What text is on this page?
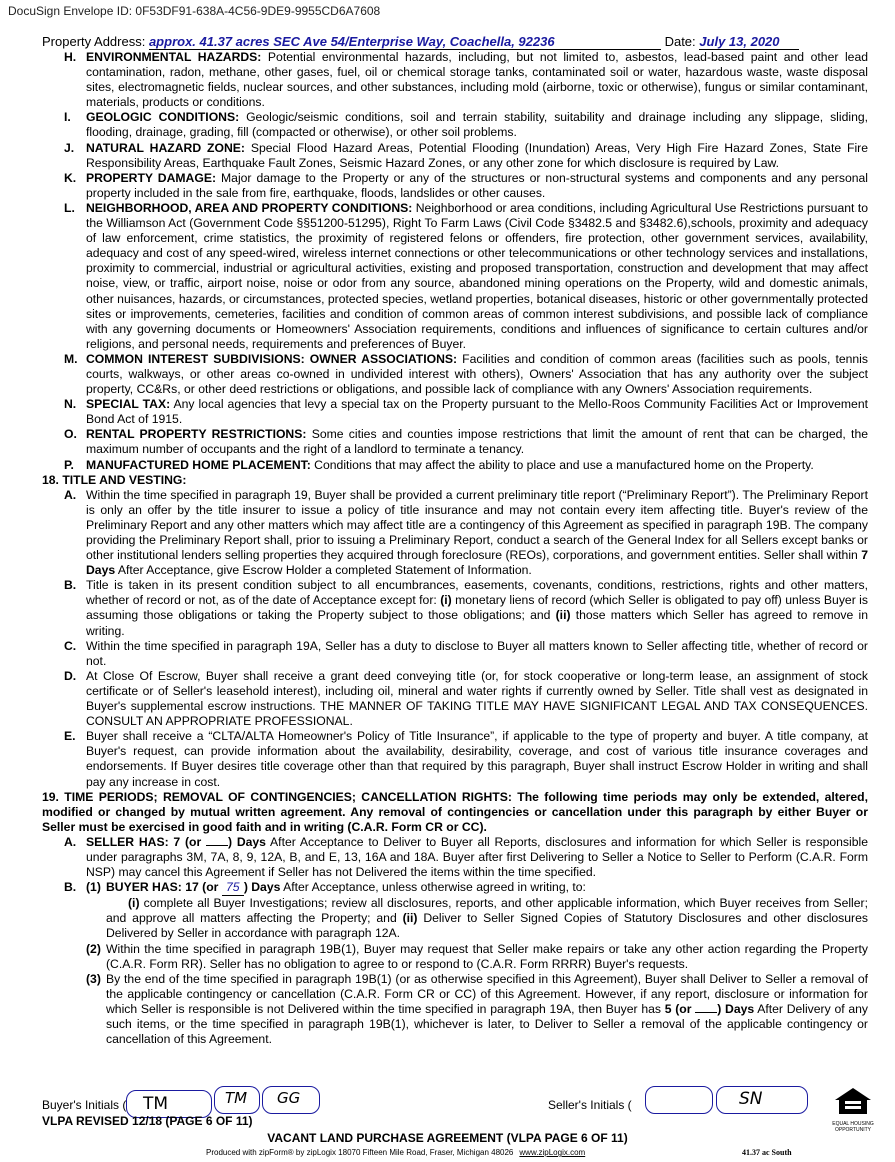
DocuSign Envelope ID: 0F53DF91-638A-4C56-9DE9-9955CD6A7608
Property Address: approx. 41.37 acres SEC Ave 54/Enterprise Way, Coachella, 92236	Date: July 13, 2020
H. ENVIRONMENTAL HAZARDS: Potential environmental hazards, including, but not limited to, asbestos, lead-based paint and other lead contamination, radon, methane, other gases, fuel, oil or chemical storage tanks, contaminated soil or water, hazardous waste, waste disposal sites, electromagnetic fields, nuclear sources, and other substances, including mold (airborne, toxic or otherwise), fungus or similar contaminant, materials, products or conditions.
I. GEOLOGIC CONDITIONS: Geologic/seismic conditions, soil and terrain stability, suitability and drainage including any slippage, sliding, flooding, drainage, grading, fill (compacted or otherwise), or other soil problems.
J. NATURAL HAZARD ZONE: Special Flood Hazard Areas, Potential Flooding (Inundation) Areas, Very High Fire Hazard Zones, State Fire Responsibility Areas, Earthquake Fault Zones, Seismic Hazard Zones, or any other zone for which disclosure is required by Law.
K. PROPERTY DAMAGE: Major damage to the Property or any of the structures or non-structural systems and components and any personal property included in the sale from fire, earthquake, floods, landslides or other causes.
L. NEIGHBORHOOD, AREA AND PROPERTY CONDITIONS: Neighborhood or area conditions, including Agricultural Use Restrictions pursuant to the Williamson Act (Government Code §§51200-51295), Right To Farm Laws (Civil Code §3482.5 and §3482.6),schools, proximity and adequacy of law enforcement, crime statistics, the proximity of registered felons or offenders, fire protection, other government services, availability, adequacy and cost of any speed-wired, wireless internet connections or other telecommunications or other technology services and installations, proximity to commercial, industrial or agricultural activities, existing and proposed transportation, construction and development that may affect noise, view, or traffic, airport noise, noise or odor from any source, abandoned mining operations on the Property, wild and domestic animals, other nuisances, hazards, or circumstances, protected species, wetland properties, botanical diseases, historic or other governmentally protected sites or improvements, cemeteries, facilities and condition of common areas of common interest subdivisions, and possible lack of compliance with any governing documents or Homeowners' Association requirements, conditions and influences of significance to certain cultures and/or religions, and personal needs, requirements and preferences of Buyer.
M. COMMON INTEREST SUBDIVISIONS: OWNER ASSOCIATIONS: Facilities and condition of common areas (facilities such as pools, tennis courts, walkways, or other areas co-owned in undivided interest with others), Owners' Association that has any authority over the subject property, CC&Rs, or other deed restrictions or obligations, and possible lack of compliance with any Owners' Association requirements.
N. SPECIAL TAX: Any local agencies that levy a special tax on the Property pursuant to the Mello-Roos Community Facilities Act or Improvement Bond Act of 1915.
O. RENTAL PROPERTY RESTRICTIONS: Some cities and counties impose restrictions that limit the amount of rent that can be charged, the maximum number of occupants and the right of a landlord to terminate a tenancy.
P. MANUFACTURED HOME PLACEMENT: Conditions that may affect the ability to place and use a manufactured home on the Property.
18. TITLE AND VESTING:
A. Within the time specified in paragraph 19, Buyer shall be provided a current preliminary title report (“Preliminary Report”). The Preliminary Report is only an offer by the title insurer to issue a policy of title insurance and may not contain every item affecting title. Buyer's review of the Preliminary Report and any other matters which may affect title are a contingency of this Agreement as specified in paragraph 19B. The company providing the Preliminary Report shall, prior to issuing a Preliminary Report, conduct a search of the General Index for all Sellers except banks or other institutional lenders selling properties they acquired through foreclosure (REOs), corporations, and government entities. Seller shall within 7 Days After Acceptance, give Escrow Holder a completed Statement of Information.
B. Title is taken in its present condition subject to all encumbrances, easements, covenants, conditions, restrictions, rights and other matters, whether of record or not, as of the date of Acceptance except for: (i) monetary liens of record (which Seller is obligated to pay off) unless Buyer is assuming those obligations or taking the Property subject to those obligations; and (ii) those matters which Seller has agreed to remove in writing.
C. Within the time specified in paragraph 19A, Seller has a duty to disclose to Buyer all matters known to Seller affecting title, whether of record or not.
D. At Close Of Escrow, Buyer shall receive a grant deed conveying title (or, for stock cooperative or long-term lease, an assignment of stock certificate or of Seller's leasehold interest), including oil, mineral and water rights if currently owned by Seller. Title shall vest as designated in Buyer's supplemental escrow instructions. THE MANNER OF TAKING TITLE MAY HAVE SIGNIFICANT LEGAL AND TAX CONSEQUENCES. CONSULT AN APPROPRIATE PROFESSIONAL.
E. Buyer shall receive a “CLTA/ALTA Homeowner's Policy of Title Insurance”, if applicable to the type of property and buyer. A title company, at Buyer's request, can provide information about the availability, desirability, coverage, and cost of various title insurance coverages and endorsements. If Buyer desires title coverage other than that required by this paragraph, Buyer shall instruct Escrow Holder in writing and shall pay any increase in cost.
19. TIME PERIODS; REMOVAL OF CONTINGENCIES; CANCELLATION RIGHTS: The following time periods may only be extended, altered, modified or changed by mutual written agreement. Any removal of contingencies or cancellation under this paragraph by either Buyer or Seller must be exercised in good faith and in writing (C.A.R. Form CR or CC).
A. SELLER HAS: 7 (or ) Days After Acceptance to Deliver to Buyer all Reports, disclosures and information for which Seller is responsible under paragraphs 3M, 7A, 8, 9, 12A, B, and E, 13, 16A and 18A. Buyer after first Delivering to Seller a Notice to Seller to Perform (C.A.R. Form NSP) may cancel this Agreement if Seller has not Delivered the items within the time specified.
B. (1) BUYER HAS: 17 (or 75 ) Days After Acceptance, unless otherwise agreed in writing, to:
(i) complete all Buyer Investigations; review all disclosures, reports, and other applicable information, which Buyer receives from Seller; and approve all matters affecting the Property; and (ii) Deliver to Seller Signed Copies of Statutory Disclosures and other disclosures Delivered by Seller in accordance with paragraph 12A.
(2) Within the time specified in paragraph 19B(1), Buyer may request that Seller make repairs or take any other action regarding the Property (C.A.R. Form RR). Seller has no obligation to agree to or respond to (C.A.R. Form RRRR) Buyer's requests.
(3) By the end of the time specified in paragraph 19B(1) (or as otherwise specified in this Agreement), Buyer shall Deliver to Seller a removal of the applicable contingency or cancellation (C.A.R. Form CR or CC) of this Agreement. However, if any report, disclosure or information for which Seller is responsible is not Delivered within the time specified in paragraph 19A, then Buyer has 5 (or ) Days After Delivery of any such items, or the time specified in paragraph 19B(1), whichever is later, to Deliver to Seller a removal of the applicable contingency or cancellation of this Agreement.
Buyer's Initials ( TM	TM GG	Seller's Initials (	SN
EQUAL HOUSING OPPORTUNITY
VLPA REVISED 12/18 (PAGE 6 OF 11)
VACANT LAND PURCHASE AGREEMENT (VLPA PAGE 6 OF 11)
Produced with zipForm® by zipLogix 18070 Fifteen Mile Road, Fraser, Michigan 48026 www.zipLogix.com	41.37 ac South
